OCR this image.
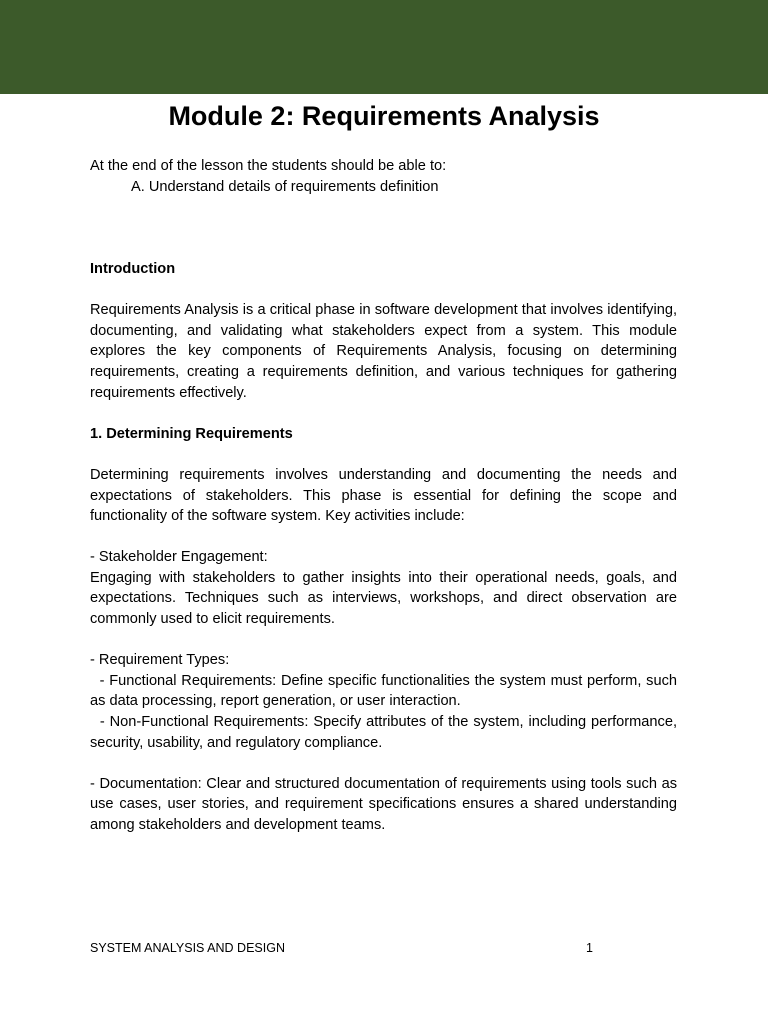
Module 2: Requirements Analysis

At the end of the lesson the students should be able to:

A. Understand details of requirements definition

Introduction

Requirements Analysis is a critical phase in software development that involves identifying, documenting, and validating what stakeholders expect from a system. This module explores the key components of Requirements Analysis, focusing on determining requirements, creating a requirements definition, and various techniques for gathering requirements effectively.

1. Determining Requirements

Determining requirements involves understanding and documenting the needs and expectations of stakeholders. This phase is essential for defining the scope and functionality of the software system. Key activities include:

- Stakeholder Engagement:

Engaging with stakeholders to gather insights into their operational needs, goals, and expectations. Techniques such as interviews, workshops, and direct observation are commonly used to elicit requirements.

- Requirement Types:

- Functional Requirements: Define specific functionalities the system must perform, such as data processing, report generation, or user interaction.

- Non-Functional Requirements: Specify attributes of the system, including performance, security, usability, and regulatory compliance.

- Documentation: Clear and structured documentation of requirements using tools such as use cases, user stories, and requirement specifications ensures a shared understanding among stakeholders and development teams.

SYSTEM ANALYSIS AND DESIGN	1
